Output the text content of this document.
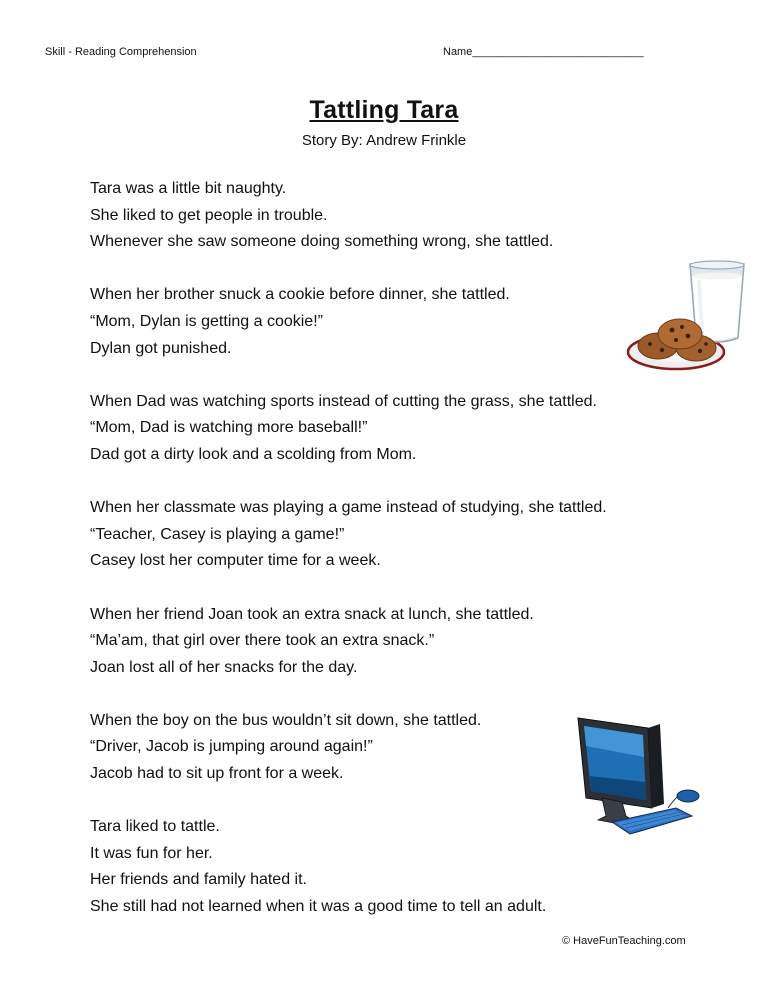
Skill - Reading Comprehension	Name____________________________
Tattling Tara
Story By: Andrew Frinkle
Tara was a little bit naughty.
She liked to get people in trouble.
Whenever she saw someone doing something wrong, she tattled.
When her brother snuck a cookie before dinner, she tattled.
“Mom, Dylan is getting a cookie!”
Dylan got punished.
When Dad was watching sports instead of cutting the grass, she tattled.
“Mom, Dad is watching more baseball!”
Dad got a dirty look and a scolding from Mom.
When her classmate was playing a game instead of studying, she tattled.
“Teacher, Casey is playing a game!”
Casey lost her computer time for a week.
When her friend Joan took an extra snack at lunch, she tattled.
“Ma’am, that girl over there took an extra snack.”
Joan lost all of her snacks for the day.
When the boy on the bus wouldn’t sit down, she tattled.
“Driver, Jacob is jumping around again!”
Jacob had to sit up front for a week.
Tara liked to tattle.
It was fun for her.
Her friends and family hated it.
She still had not learned when it was a good time to tell an adult.
© HaveFunTeaching.com
